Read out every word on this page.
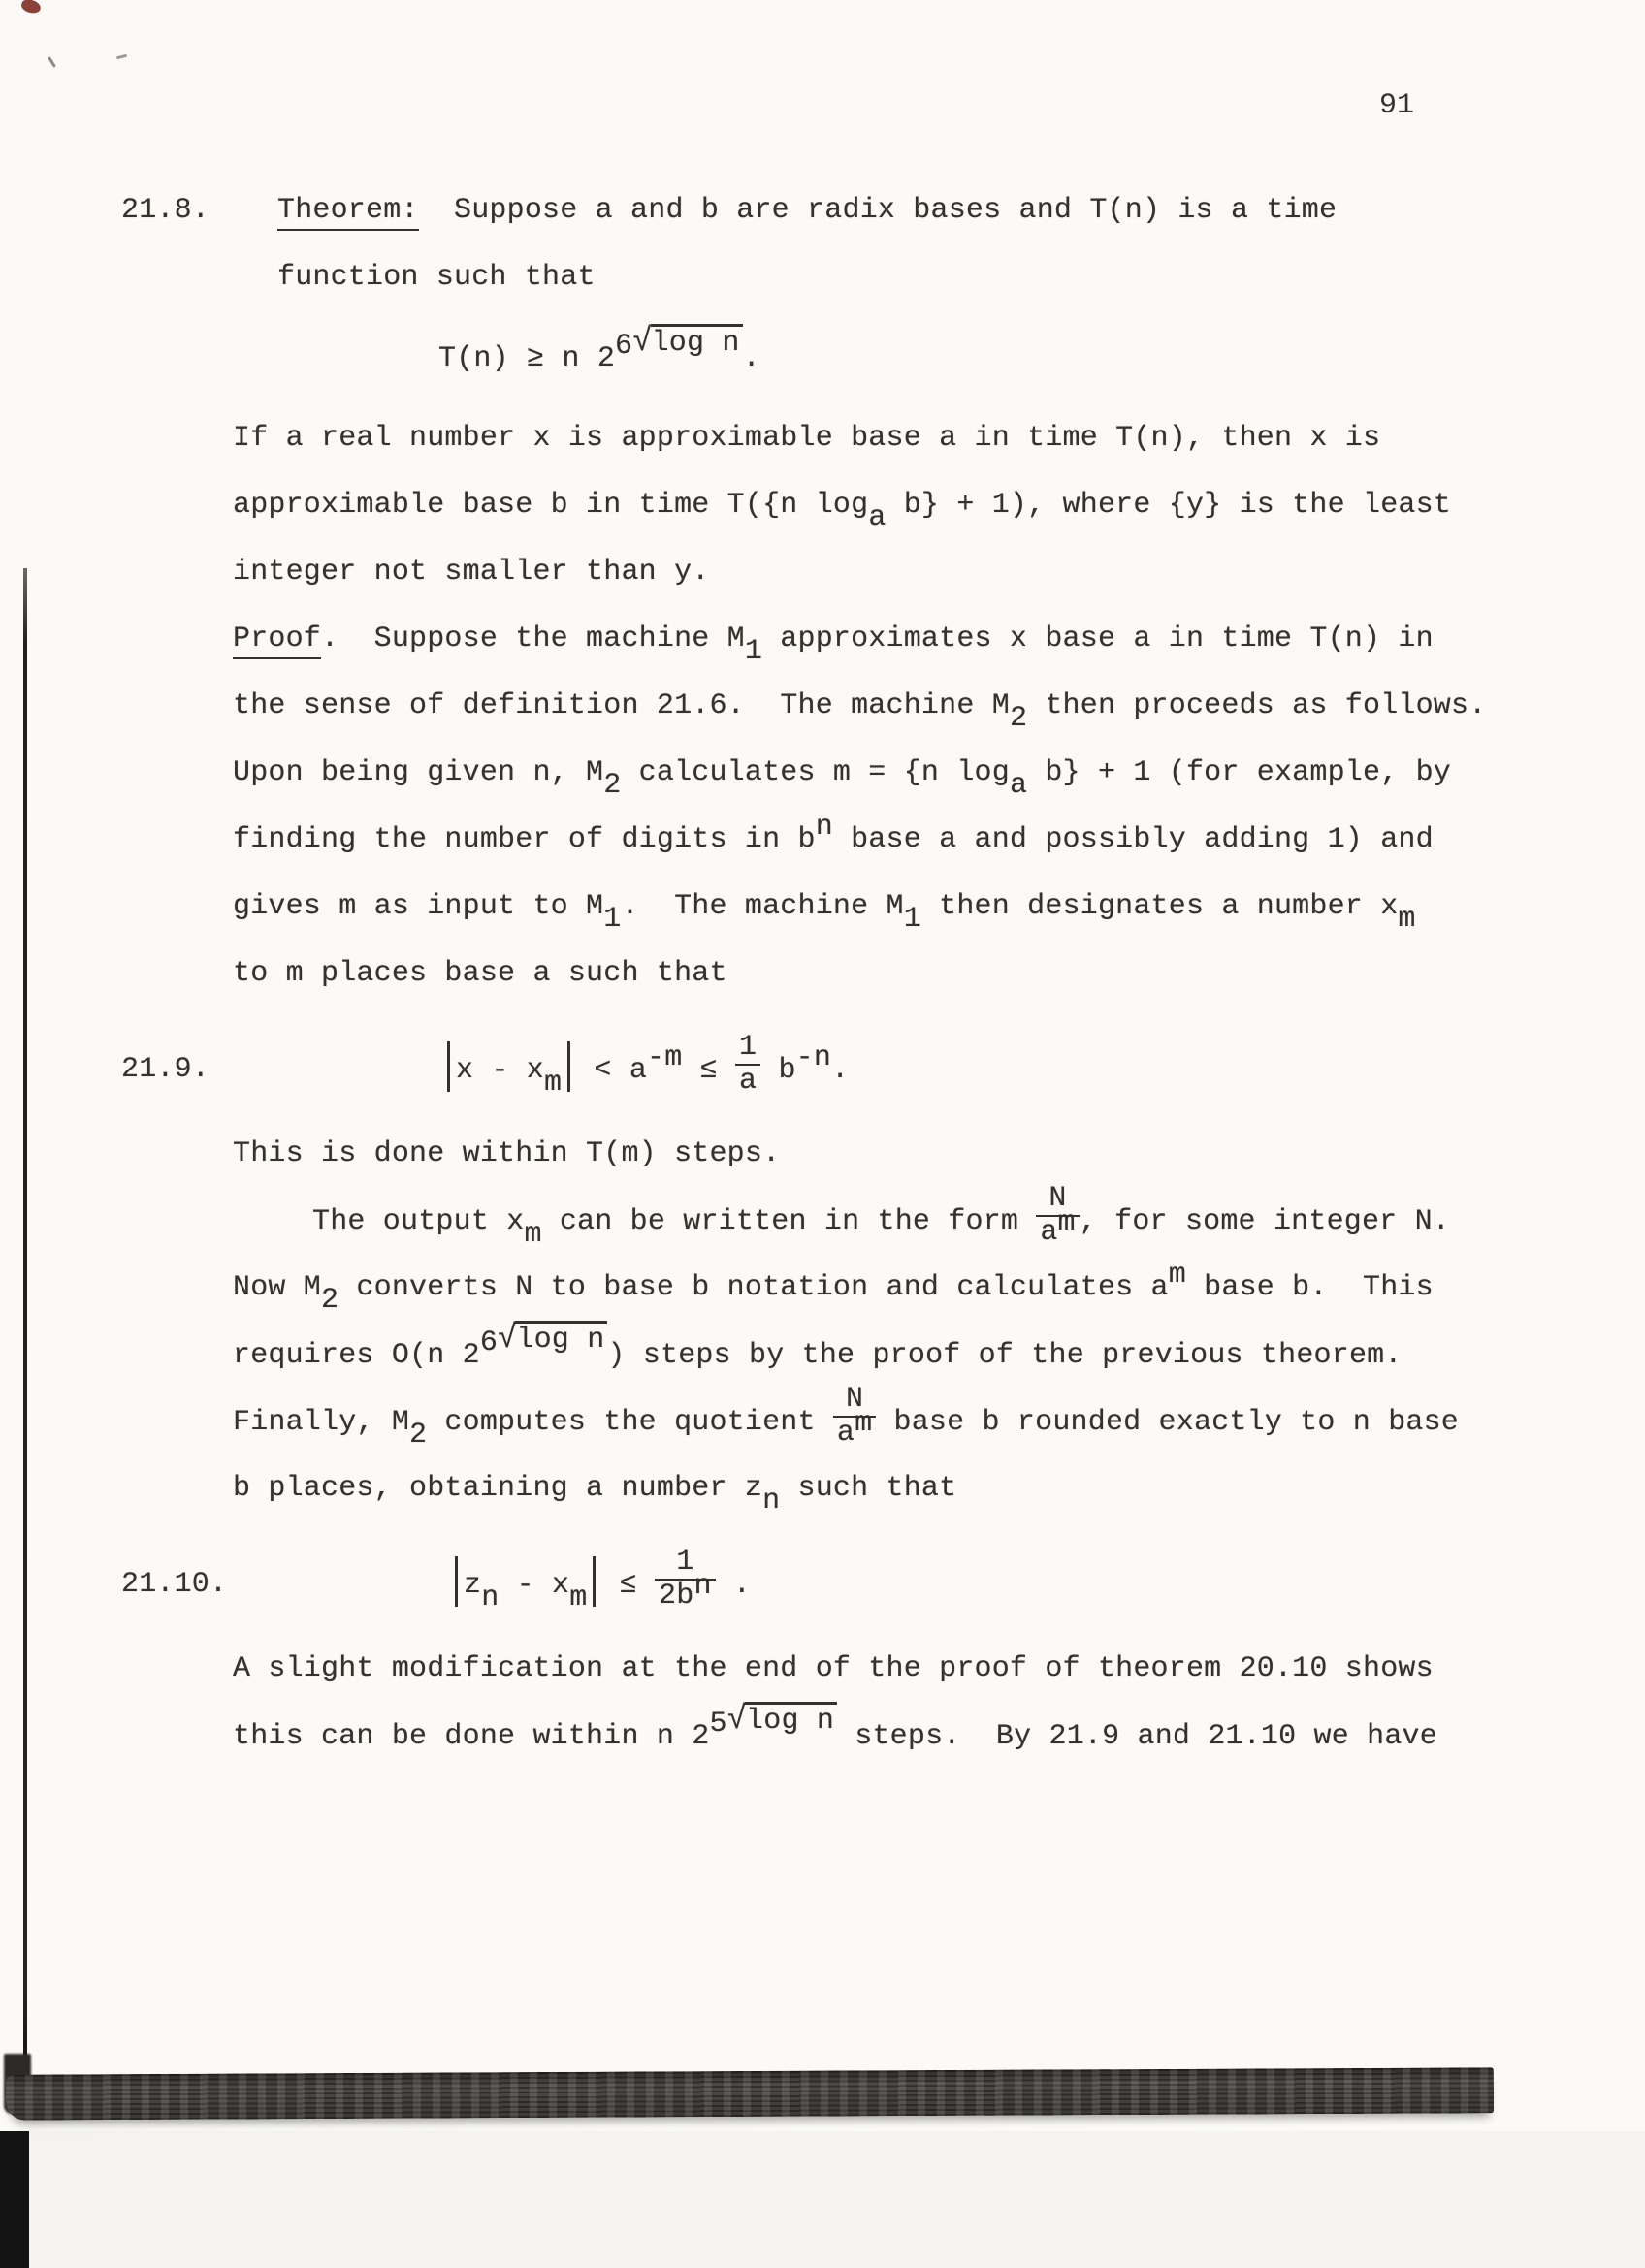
91
21.8. Theorem:  Suppose a and b are radix bases and T(n) is a time
function such that
T(n) ≥ n 26√log n .
If a real number x is approximable base a in time T(n), then x is
approximable base b in time T({n loga b} + 1), where {y} is the least
integer not smaller than y.
Proof.  Suppose the machine M1 approximates x base a in time T(n) in
the sense of definition 21.6.  The machine M2 then proceeds as follows.
Upon being given n, M2 calculates m = {n loga b} + 1 (for example, by
finding the number of digits in bn base a and possibly adding 1) and
gives m as input to M1.  The machine M1 then designates a number xm
to m places base a such that
21.9.	x - xm < $a-m \le \frac{1}{a} b-n$.
This is done within T(m) steps.
The output xm can be written in the form $\frac{N}{am}$ , for some integer N.
Now M2 converts N to base b notation and calculates am base b.  This
requires O(n 26√log n ) steps by the proof of the previous theorem.
Finally, M2 computes the quotient $\frac{N}{am}$ base b rounded exactly to n base
b places, obtaining a number zn such that
21.10.	zn - xm ≤ $\frac{1}{2bn}$ .
A slight modification at the end of the proof of theorem 20.10 shows
this can be done within n 25√log n steps.  By 21.9 and 21.10 we have
